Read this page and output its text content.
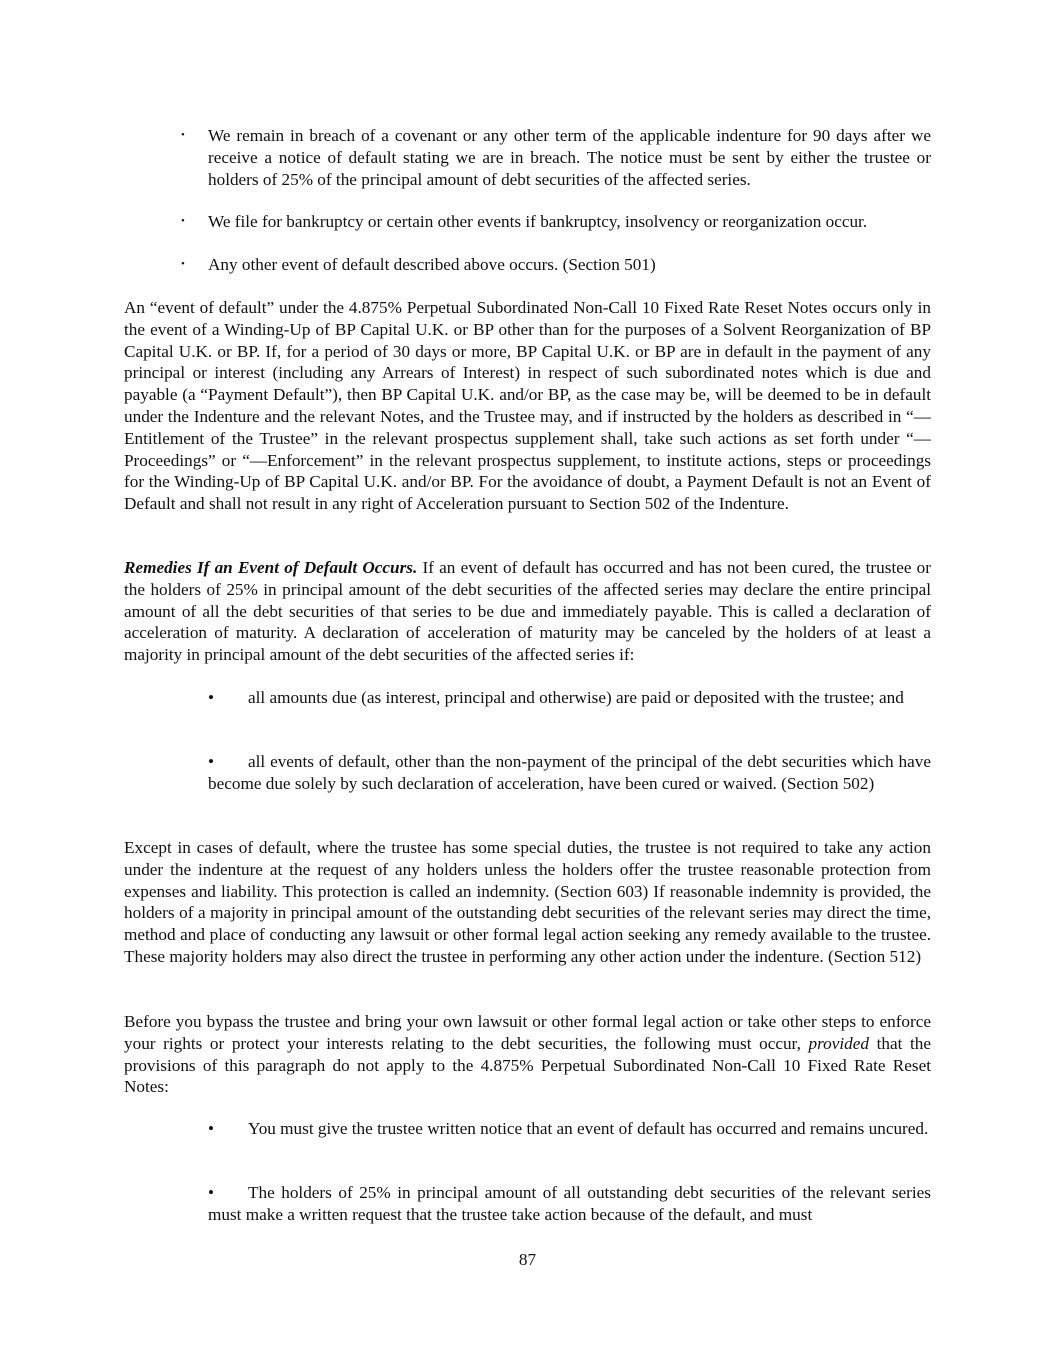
• We remain in breach of a covenant or any other term of the applicable indenture for 90 days after we receive a notice of default stating we are in breach. The notice must be sent by either the trustee or holders of 25% of the principal amount of debt securities of the affected series.

• We file for bankruptcy or certain other events if bankruptcy, insolvency or reorganization occur.

• Any other event of default described above occurs. (Section 501)

An “event of default” under the 4.875% Perpetual Subordinated Non-Call 10 Fixed Rate Reset Notes occurs only in the event of a Winding-Up of BP Capital U.K. or BP other than for the purposes of a Solvent Reorganization of BP Capital U.K. or BP. If, for a period of 30 days or more, BP Capital U.K. or BP are in default in the payment of any principal or interest (including any Arrears of Interest) in respect of such subordinated notes which is due and payable (a “Payment Default”), then BP Capital U.K. and/or BP, as the case may be, will be deemed to be in default under the Indenture and the relevant Notes, and the Trustee may, and if instructed by the holders as described in “—Entitlement of the Trustee” in the relevant prospectus supplement shall, take such actions as set forth under “—Proceedings” or “—Enforcement” in the relevant prospectus supplement, to institute actions, steps or proceedings for the Winding-Up of BP Capital U.K. and/or BP. For the avoidance of doubt, a Payment Default is not an Event of Default and shall not result in any right of Acceleration pursuant to Section 502 of the Indenture.

Remedies If an Event of Default Occurs. If an event of default has occurred and has not been cured, the trustee or the holders of 25% in principal amount of the debt securities of the affected series may declare the entire principal amount of all the debt securities of that series to be due and immediately payable. This is called a declaration of acceleration of maturity. A declaration of acceleration of maturity may be canceled by the holders of at least a majority in principal amount of the debt securities of the affected series if:

• all amounts due (as interest, principal and otherwise) are paid or deposited with the trustee; and

• all events of default, other than the non-payment of the principal of the debt securities which have become due solely by such declaration of acceleration, have been cured or waived. (Section 502)

Except in cases of default, where the trustee has some special duties, the trustee is not required to take any action under the indenture at the request of any holders unless the holders offer the trustee reasonable protection from expenses and liability. This protection is called an indemnity. (Section 603) If reasonable indemnity is provided, the holders of a majority in principal amount of the outstanding debt securities of the relevant series may direct the time, method and place of conducting any lawsuit or other formal legal action seeking any remedy available to the trustee. These majority holders may also direct the trustee in performing any other action under the indenture. (Section 512)

Before you bypass the trustee and bring your own lawsuit or other formal legal action or take other steps to enforce your rights or protect your interests relating to the debt securities, the following must occur, provided that the provisions of this paragraph do not apply to the 4.875% Perpetual Subordinated Non-Call 10 Fixed Rate Reset Notes:

• You must give the trustee written notice that an event of default has occurred and remains uncured.

• The holders of 25% in principal amount of all outstanding debt securities of the relevant series must make a written request that the trustee take action because of the default, and must

87
